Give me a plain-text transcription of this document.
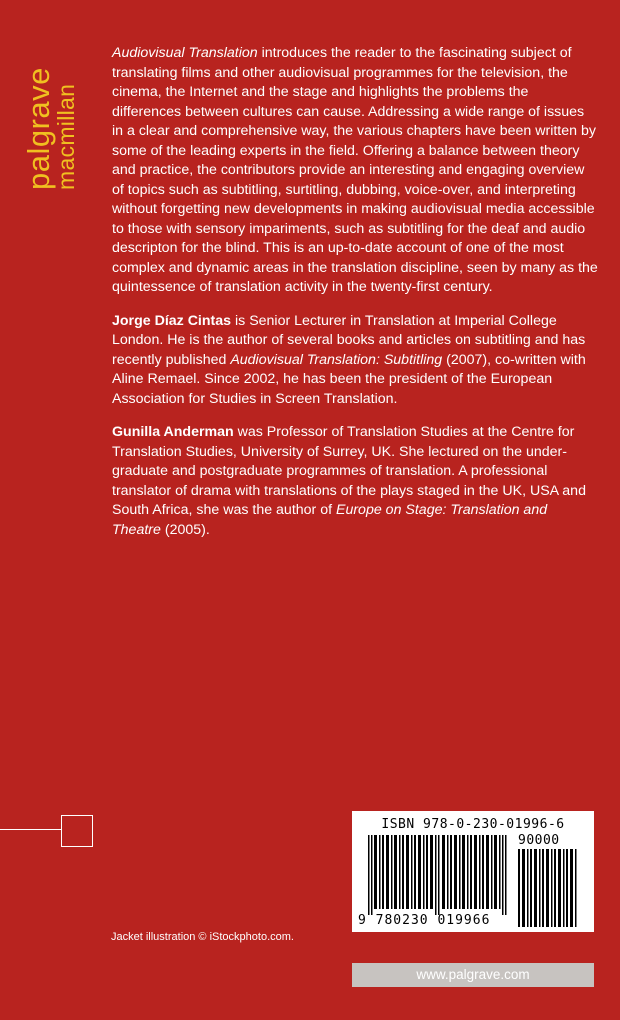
palgrave
macmillan

Audiovisual Translation introduces the reader to the fascinating subject of translating films and other audiovisual programmes for the television, the cinema, the Internet and the stage and highlights the problems the differences between cultures can cause. Addressing a wide range of issues in a clear and comprehensive way, the various chapters have been written by some of the leading experts in the field. Offering a balance between theory and practice, the contributors provide an interesting and engaging overview of topics such as subtitling, surtitling, dubbing, voice-over, and interpreting without forgetting new developments in making audiovisual media accessible to those with sensory impariments, such as subtitling for the deaf and audio descripton for the blind. This is an up-to-date account of one of the most complex and dynamic areas in the translation discipline, seen by many as the quintessence of translation activity in the twenty-first century.

Jorge Díaz Cintas is Senior Lecturer in Translation at Imperial College London. He is the author of several books and articles on subtitling and has recently published Audiovisual Translation: Subtitling (2007), co-written with Aline Remael. Since 2002, he has been the president of the European Association for Studies in Screen Translation.

Gunilla Anderman was Professor of Translation Studies at the Centre for Translation Studies, University of Surrey, UK. She lectured on the under-graduate and postgraduate programmes of translation. A professional translator of drama with translations of the plays staged in the UK, USA and South Africa, she was the author of Europe on Stage: Translation and Theatre (2005).

ISBN 978-0-230-01996-6
9 780230 019966
90000
Jacket illustration © iStockphoto.com.
www.palgrave.com
